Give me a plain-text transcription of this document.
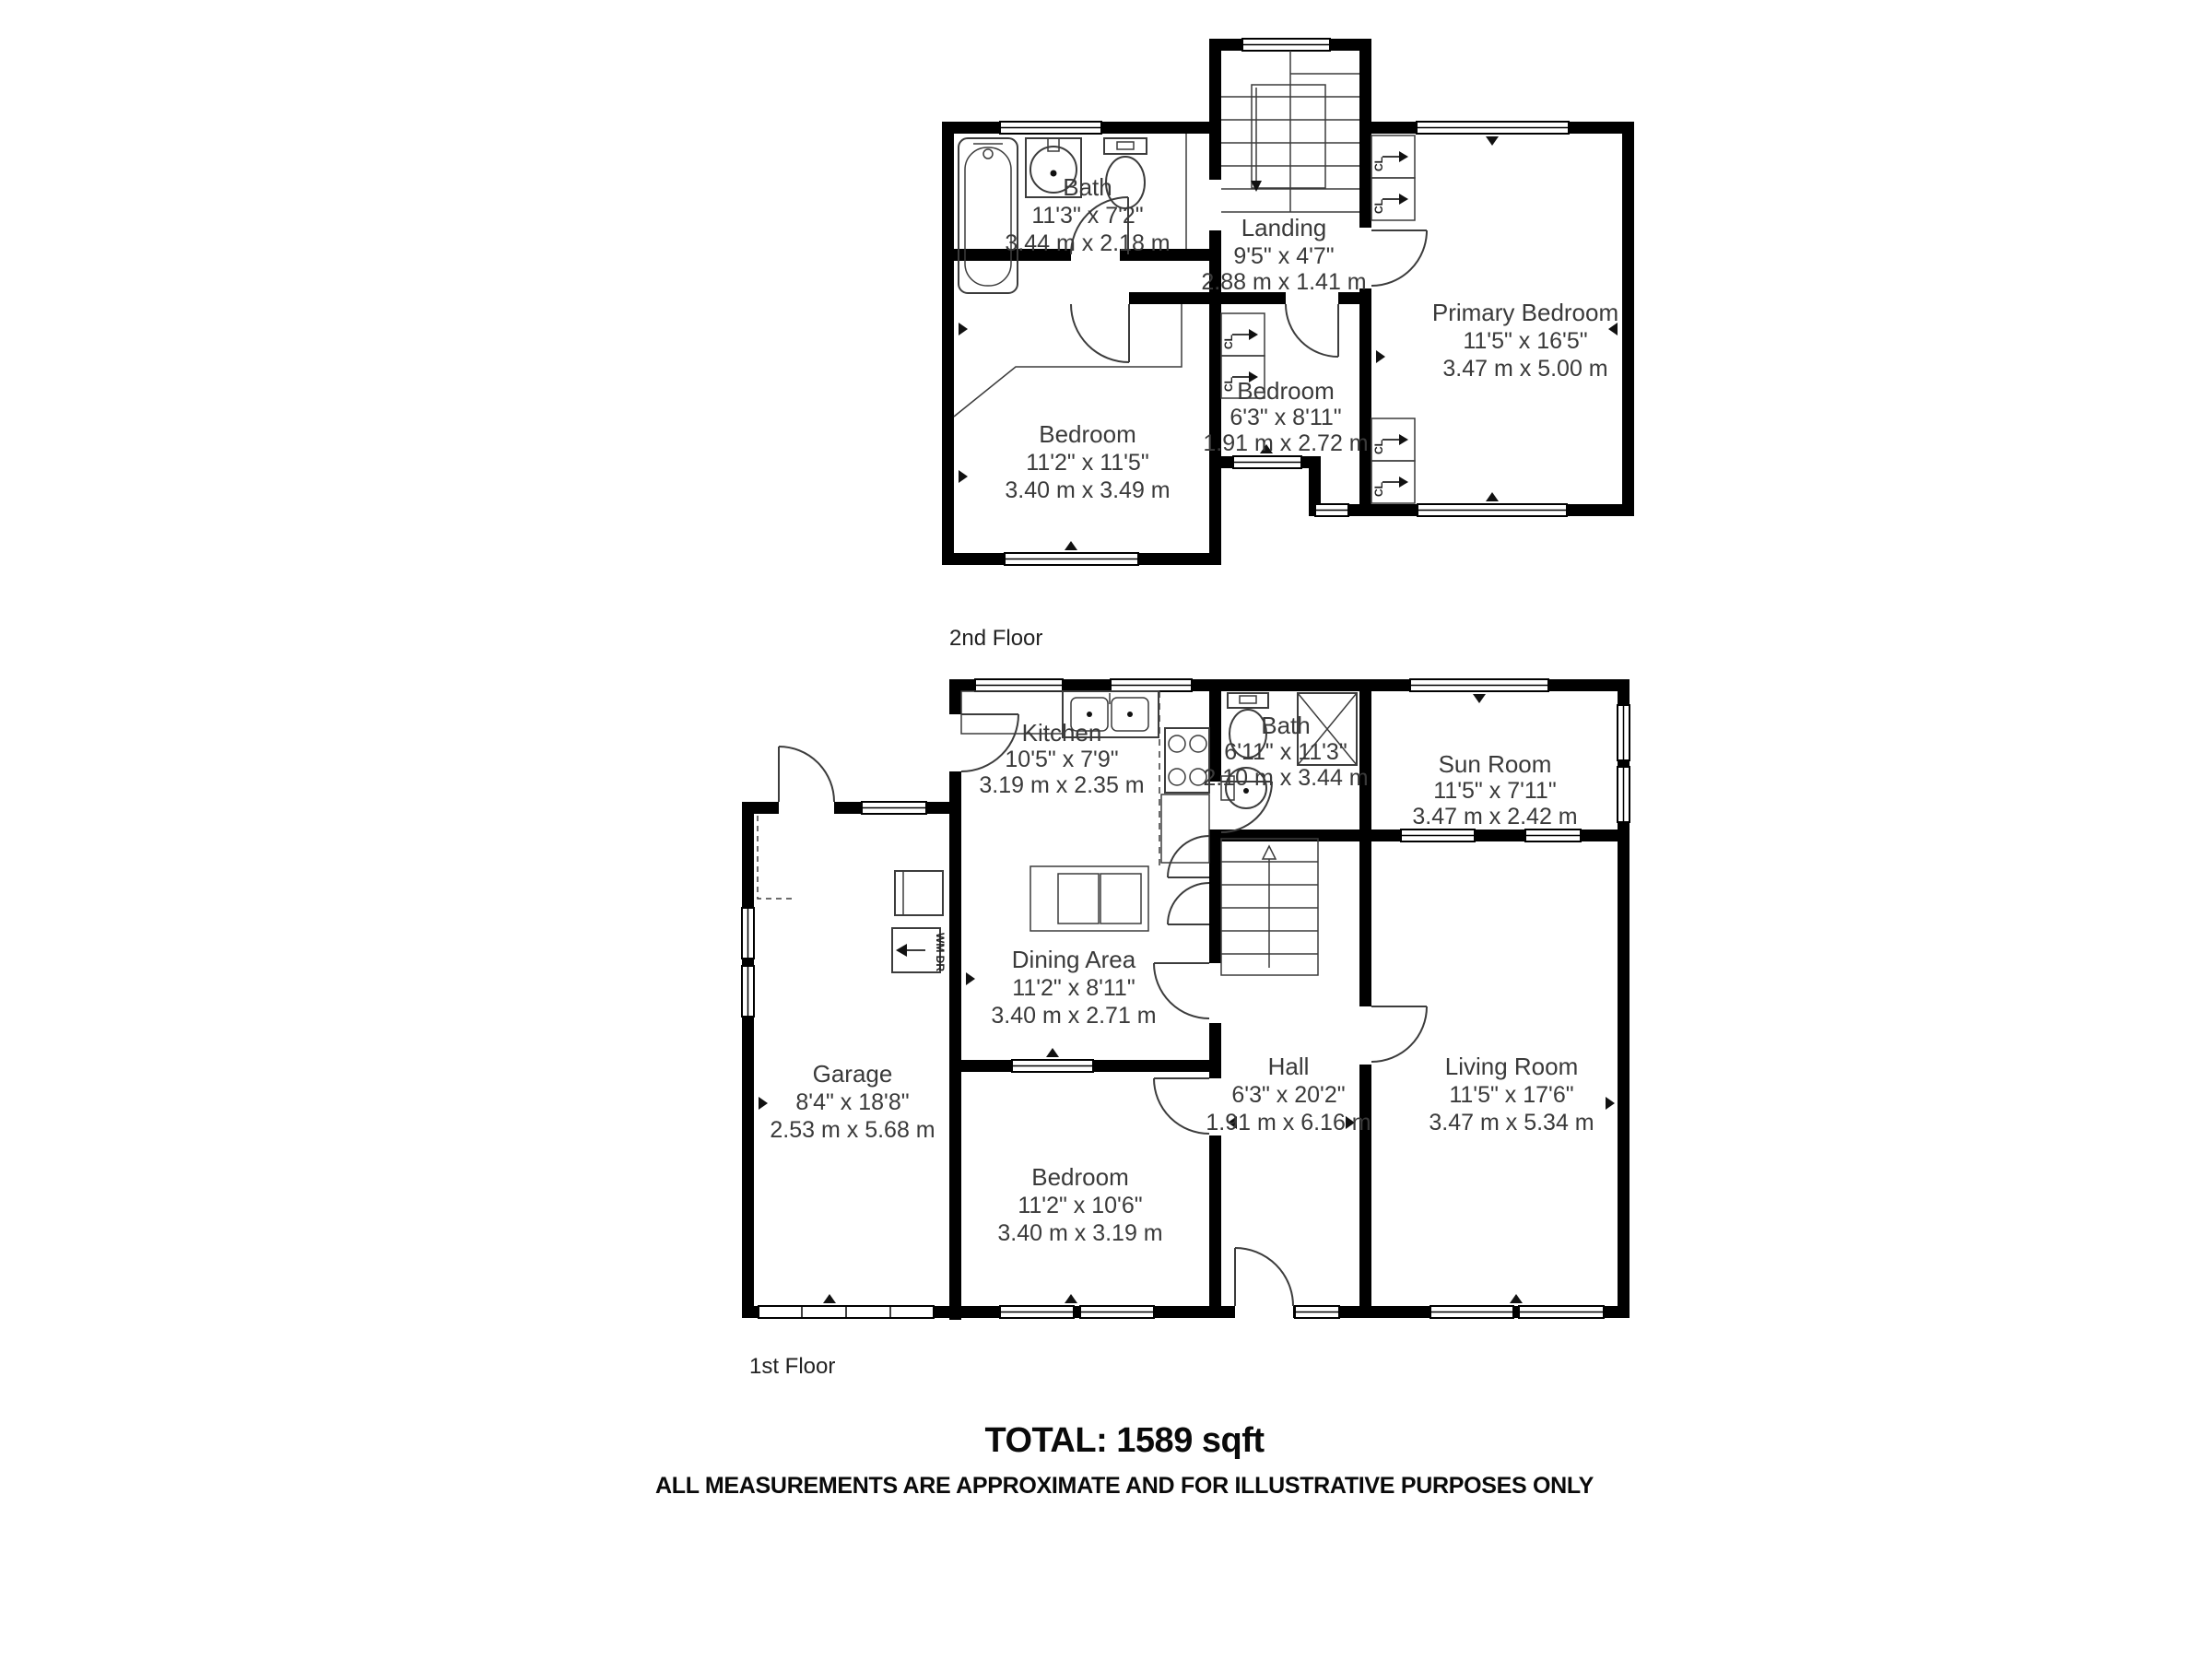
CL
CL
CL
CL
CL
CL
Bath
11'3" x 7'2"
3.44 m x 2.18 m
Landing
9'5" x 4'7"
2.88 m x 1.41 m
Primary Bedroom
11'5" x 16'5"
3.47 m x 5.00 m
Bedroom
6'3" x 8'11"
1.91 m x 2.72 m
Bedroom
11'2" x 11'5"
3.40 m x 3.49 m
WM DR
Kitchen
10'5" x 7'9"
3.19 m x 2.35 m
Bath
6'11" x 11'3"
2.10 m x 3.44 m	Sun Room
11'5" x 7'11"
3.47 m x 2.42 m
Garage
8'4" x 18'8"
2.53 m x 5.68 m
Dining Area
11'2" x 8'11"
3.40 m x 2.71 m
Hall
6'3" x 20'2"
1.91 m x 6.16 m
Living Room
11'5" x 17'6"
3.47 m x 5.34 m
Bedroom
11'2" x 10'6"
3.40 m x 3.19 m
2nd Floor
1st Floor
TOTAL: 1589 sqft
ALL MEASUREMENTS ARE APPROXIMATE AND FOR ILLUSTRATIVE PURPOSES ONLY
